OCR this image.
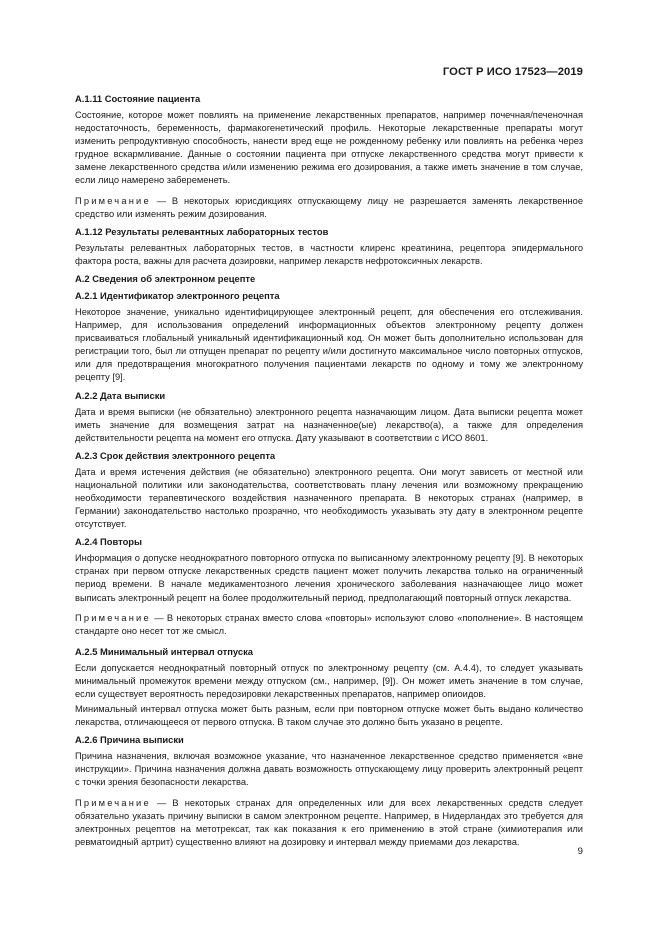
ГОСТ Р ИСО 17523—2019
А.1.11 Состояние пациента

Состояние, которое может повлиять на применение лекарственных препаратов, например почечная/печеночная недостаточность, беременность, фармакогенетический профиль. Некоторые лекарственные препараты могут изменить репродуктивную способность, нанести вред еще не рожденному ребенку или повлиять на ребенка через грудное вскармливание. Данные о состоянии пациента при отпуске лекарственного средства могут привести к замене лекарственного средства и/или изменению режима его дозирования, а также иметь значение в том случае, если лицо намерено забеременеть.

Примечание — В некоторых юрисдикциях отпускающему лицу не разрешается заменять лекарственное средство или изменять режим дозирования.

А.1.12 Результаты релевантных лабораторных тестов

Результаты релевантных лабораторных тестов, в частности клиренс креатинина, рецептора эпидермального фактора роста, важны для расчета дозировки, например лекарств нефротоксичных лекарств.

А.2 Сведения об электронном рецепте
А.2.1 Идентификатор электронного рецепта

Некоторое значение, уникально идентифицирующее электронный рецепт, для обеспечения его отслеживания. Например, для использования определений информационных объектов электронному рецепту должен присваиваться глобальный уникальный идентификационный код. Он может быть дополнительно использован для регистрации того, был ли отпущен препарат по рецепту и/или достигнуто максимальное число повторных отпусков, или для предотвращения многократного получения пациентами лекарств по одному и тому же электронному рецепту [9].

А.2.2 Дата выписки

Дата и время выписки (не обязательно) электронного рецепта назначающим лицом. Дата выписки рецепта может иметь значение для возмещения затрат на назначенное(ые) лекарство(а), а также для определения действительности рецепта на момент его отпуска. Дату указывают в соответствии с ИСО 8601.

А.2.3 Срок действия электронного рецепта

Дата и время истечения действия (не обязательно) электронного рецепта. Они могут зависеть от местной или национальной политики или законодательства, соответствовать плану лечения или возможному прекращению необходимости терапевтического воздействия назначенного препарата. В некоторых странах (например, в Германии) законодательство настолько прозрачно, что необходимость указывать эту дату в электронном рецепте отсутствует.

А.2.4 Повторы

Информация о допуске неоднократного повторного отпуска по выписанному электронному рецепту [9]. В некоторых странах при первом отпуске лекарственных средств пациент может получить лекарства только на ограниченный период времени. В начале медикаментозного лечения хронического заболевания назначающее лицо может выписать электронный рецепт на более продолжительный период, предполагающий повторный отпуск лекарства.

Примечание — В некоторых странах вместо слова «повторы» используют слово «пополнение». В настоящем стандарте оно несет тот же смысл.

А.2.5 Минимальный интервал отпуска

Если допускается неоднократный повторный отпуск по электронному рецепту (см. А.4.4), то следует указывать минимальный промежуток времени между отпуском (см., например, [9]). Он может иметь значение в том случае, если существует вероятность передозировки лекарственных препаратов, например опиоидов.

Минимальный интервал отпуска может быть разным, если при повторном отпуске может быть выдано количество лекарства, отличающееся от первого отпуска. В таком случае это должно быть указано в рецепте.

А.2.6 Причина выписки

Причина назначения, включая возможное указание, что назначенное лекарственное средство применяется «вне инструкции». Причина назначения должна давать возможность отпускающему лицу проверить электронный рецепт с точки зрения безопасности лекарства.

Примечание — В некоторых странах для определенных или для всех лекарственных средств следует обязательно указать причину выписки в самом электронном рецепте. Например, в Нидерландах это требуется для электронных рецептов на метотрексат, так как показания к его применению в этой стране (химиотерапия или ревматоидный артрит) существенно влияют на дозировку и интервал между приемами доз лекарства.

9
